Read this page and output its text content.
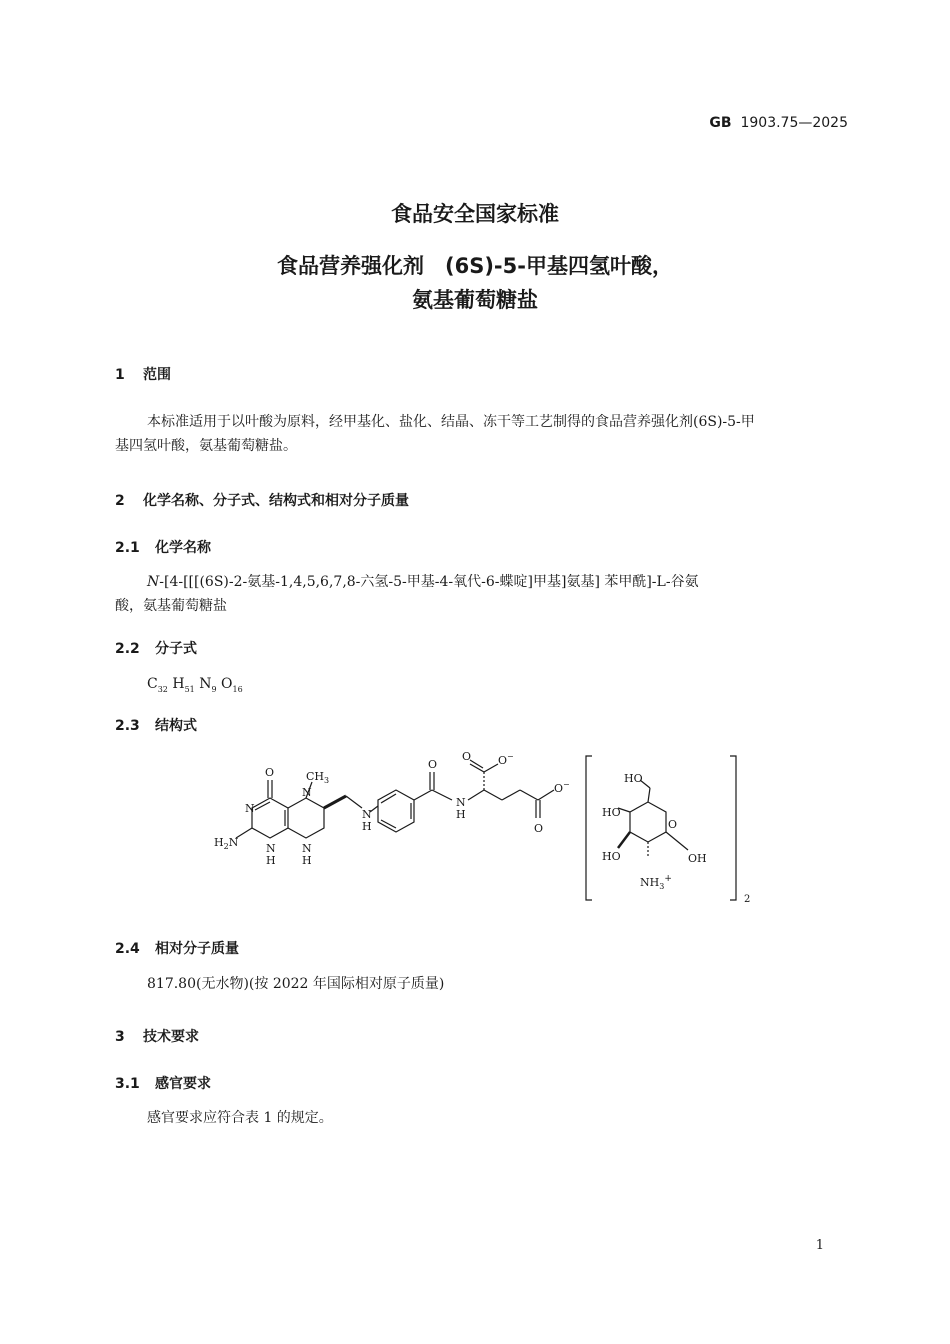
GB 1903.75—2025
食品安全国家标准
食品营养强化剂　(6S)-5-甲基四氢叶酸，
氨基葡萄糖盐
1 范围
本标准适用于以叶酸为原料，经甲基化、盐化、结晶、冻干等工艺制得的食品营养强化剂(6S)-5-甲
基四氢叶酸，氨基葡萄糖盐。
2 化学名称、分子式、结构式和相对分子质量
2.1 化学名称
N-[4-[[[(6S)-2-氨基-1,4,5,6,7,8-六氢-5-甲基-4-氧代-6-蝶啶]甲基]氨基] 苯甲酰]-L-谷氨
酸，氨基葡萄糖盐
2.2 分子式
$C_{32}$ $H_{51}$ $N_9$ $O_{16}$
2.3 结构式
O
N
$CH_3$
N
N
H
N
H
$H_2N$
N
H
O
N
H
O O−
O
O−	HO
HO
HO
O
OH
$NH_3^+$
2
2.4 相对分子质量
817.80(无水物)(按 2022 年国际相对原子质量)
3 技术要求
3.1 感官要求
感官要求应符合表 1 的规定。
1
